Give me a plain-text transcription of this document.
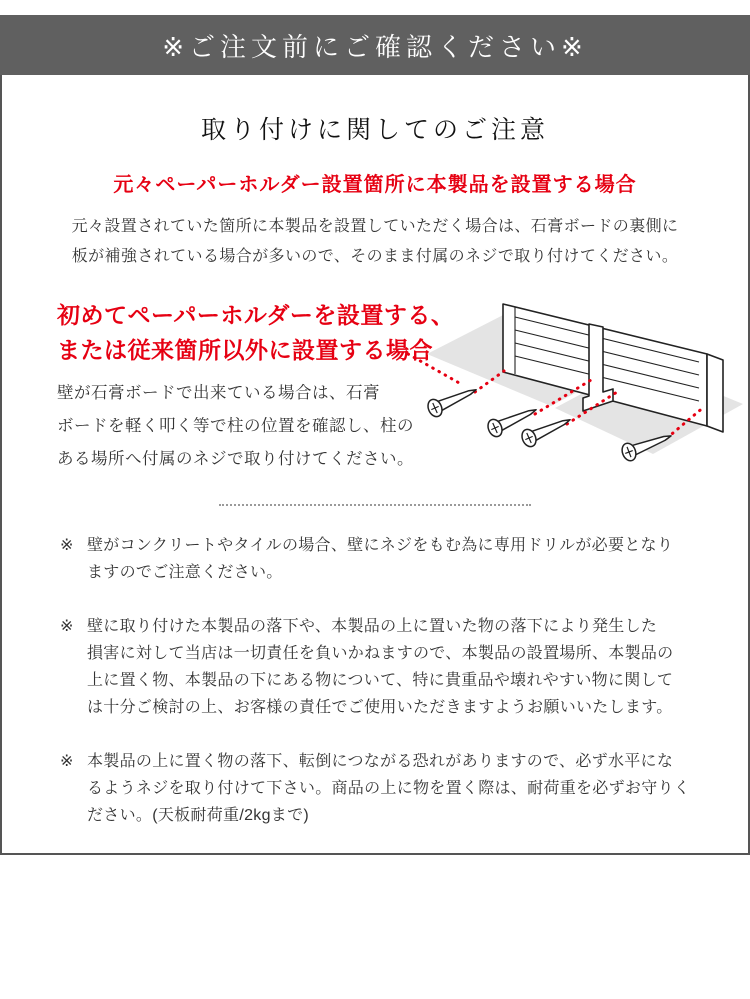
※ご注文前にご確認ください※
取り付けに関してのご注意
元々ペーパーホルダー設置箇所に本製品を設置する場合
元々設置されていた箇所に本製品を設置していただく場合は、石膏ボードの裏側に
板が補強されている場合が多いので、そのまま付属のネジで取り付けてください。
初めてペーパーホルダーを設置する、
または従来箇所以外に設置する場合
壁が石膏ボードで出来ている場合は、石膏
ボードを軽く叩く等で柱の位置を確認し、柱の
ある場所へ付属のネジで取り付けてください。
※ 壁がコンクリートやタイルの場合、壁にネジをもむ為に専用ドリルが必要となり
ますのでご注意ください。
※ 壁に取り付けた本製品の落下や、本製品の上に置いた物の落下により発生した
損害に対して当店は一切責任を負いかねますので、本製品の設置場所、本製品の
上に置く物、本製品の下にある物について、特に貴重品や壊れやすい物に関して
は十分ご検討の上、お客様の責任でご使用いただきますようお願いいたします。
※ 本製品の上に置く物の落下、転倒につながる恐れがありますので、必ず水平にな
るようネジを取り付けて下さい。商品の上に物を置く際は、耐荷重を必ずお守りく
ださい。(天板耐荷重/2kgまで)
